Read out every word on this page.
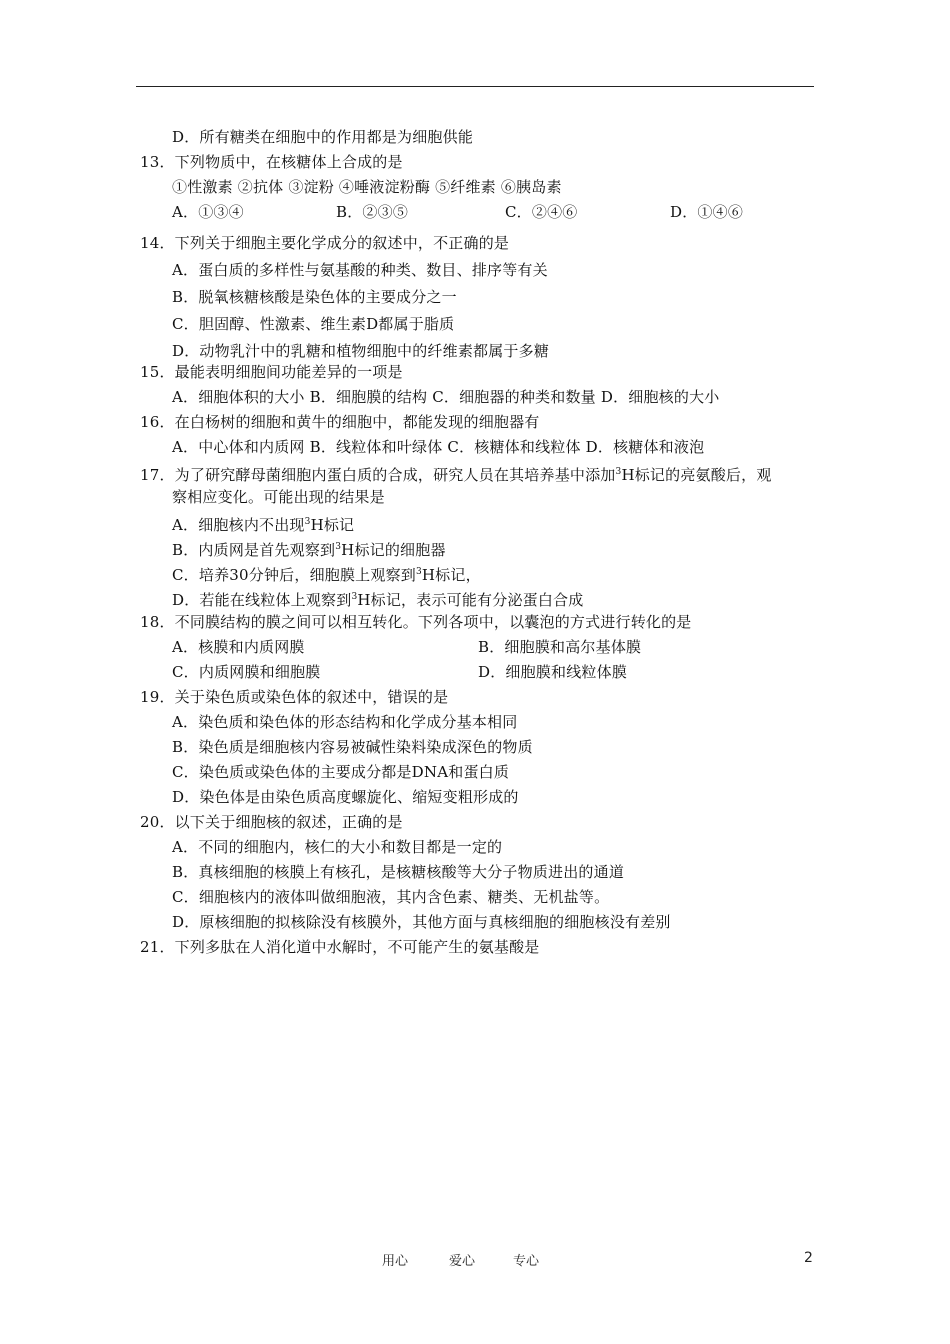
D．所有糖类在细胞中的作用都是为细胞供能
13．下列物质中，在核糖体上合成的是
①性激素 ②抗体 ③淀粉 ④唾液淀粉酶 ⑤纤维素 ⑥胰岛素
A．①③④	B．②③⑤	C．②④⑥	D．①④⑥
14．下列关于细胞主要化学成分的叙述中，不正确的是
A．蛋白质的多样性与氨基酸的种类、数目、排序等有关
B．脱氧核糖核酸是染色体的主要成分之一
C．胆固醇、性激素、维生素D都属于脂质
D．动物乳汁中的乳糖和植物细胞中的纤维素都属于多糖
15．最能表明细胞间功能差异的一项是
A．细胞体积的大小 B．细胞膜的结构 C．细胞器的种类和数量 D．细胞核的大小
16．在白杨树的细胞和黄牛的细胞中，都能发现的细胞器有
A．中心体和内质网 B．线粒体和叶绿体 C．核糖体和线粒体 D．核糖体和液泡
17．为了研究酵母菌细胞内蛋白质的合成，研究人员在其培养基中添加$^3$H标记的亮氨酸后，观
察相应变化。可能出现的结果是
A．细胞核内不出现$^3$H标记
B．内质网是首先观察到$^3$H标记的细胞器
C．培养30分钟后，细胞膜上观察到$^3$H标记，
D．若能在线粒体上观察到$^3$H标记，表示可能有分泌蛋白合成
18．不同膜结构的膜之间可以相互转化。下列各项中，以囊泡的方式进行转化的是
A．核膜和内质网膜	B．细胞膜和高尔基体膜
C．内质网膜和细胞膜	D．细胞膜和线粒体膜
19．关于染色质或染色体的叙述中，错误的是
A．染色质和染色体的形态结构和化学成分基本相同
B．染色质是细胞核内容易被碱性染料染成深色的物质
C．染色质或染色体的主要成分都是DNA和蛋白质
D．染色体是由染色质高度螺旋化、缩短变粗形成的
20．以下关于细胞核的叙述，正确的是
A．不同的细胞内，核仁的大小和数目都是一定的
B．真核细胞的核膜上有核孔，是核糖核酸等大分子物质进出的通道
C．细胞核内的液体叫做细胞液，其内含色素、糖类、无机盐等。
D．原核细胞的拟核除没有核膜外，其他方面与真核细胞的细胞核没有差别
21．下列多肽在人消化道中水解时，不可能产生的氨基酸是
用心	爱心	专心	2
